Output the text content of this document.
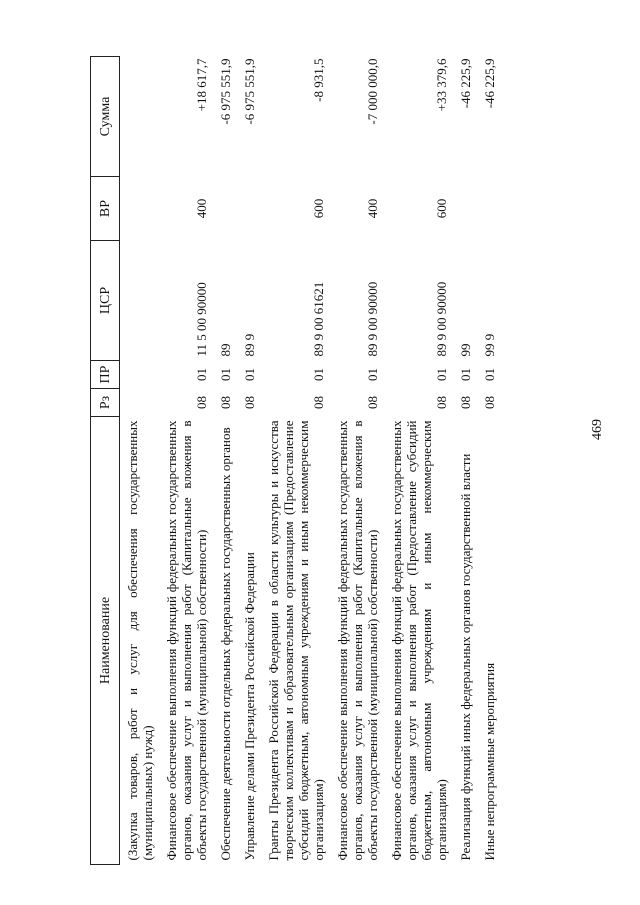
469
Наименование	Рз	ПР	ЦСР	ВР	Сумма
(Закупка товаров, работ и услуг для обеспечения государственных (муниципальных) нужд)					
Финансовое обеспечение выполнения функций федеральных государственных органов, оказания услуг и выполнения работ (Капитальные вложения в объекты государственной (муниципальной) собственности)	08	01	11 5 00 90000	400	+18 617,7
Обеспечение деятельности отдельных федеральных государственных органов	08	01	89		-6 975 551,9
Управление делами Президента Российской Федерации	08	01	89 9		-6 975 551,9
Гранты Президента Российской Федерации в области культуры и искусства творческим коллективам и образовательным организациям (Предоставление субсидий бюджетным, автономным учреждениям и иным некоммерческим организациям)	08	01	89 9 00 61621	600	-8 931,5
Финансовое обеспечение выполнения функций федеральных государственных органов, оказания услуг и выполнения работ (Капитальные вложения в объекты государственной (муниципальной) собственности)	08	01	89 9 00 90000	400	-7 000 000,0
Финансовое обеспечение выполнения функций федеральных государственных органов, оказания услуг и выполнения работ (Предоставление субсидий бюджетным, автономным учреждениям и иным некоммерческим организациям)	08	01	89 9 00 90000	600	+33 379,6
Реализация функций иных федеральных органов государственной власти	08	01	99		-46 225,9
Иные непрограммные мероприятия	08	01	99 9		-46 225,9
